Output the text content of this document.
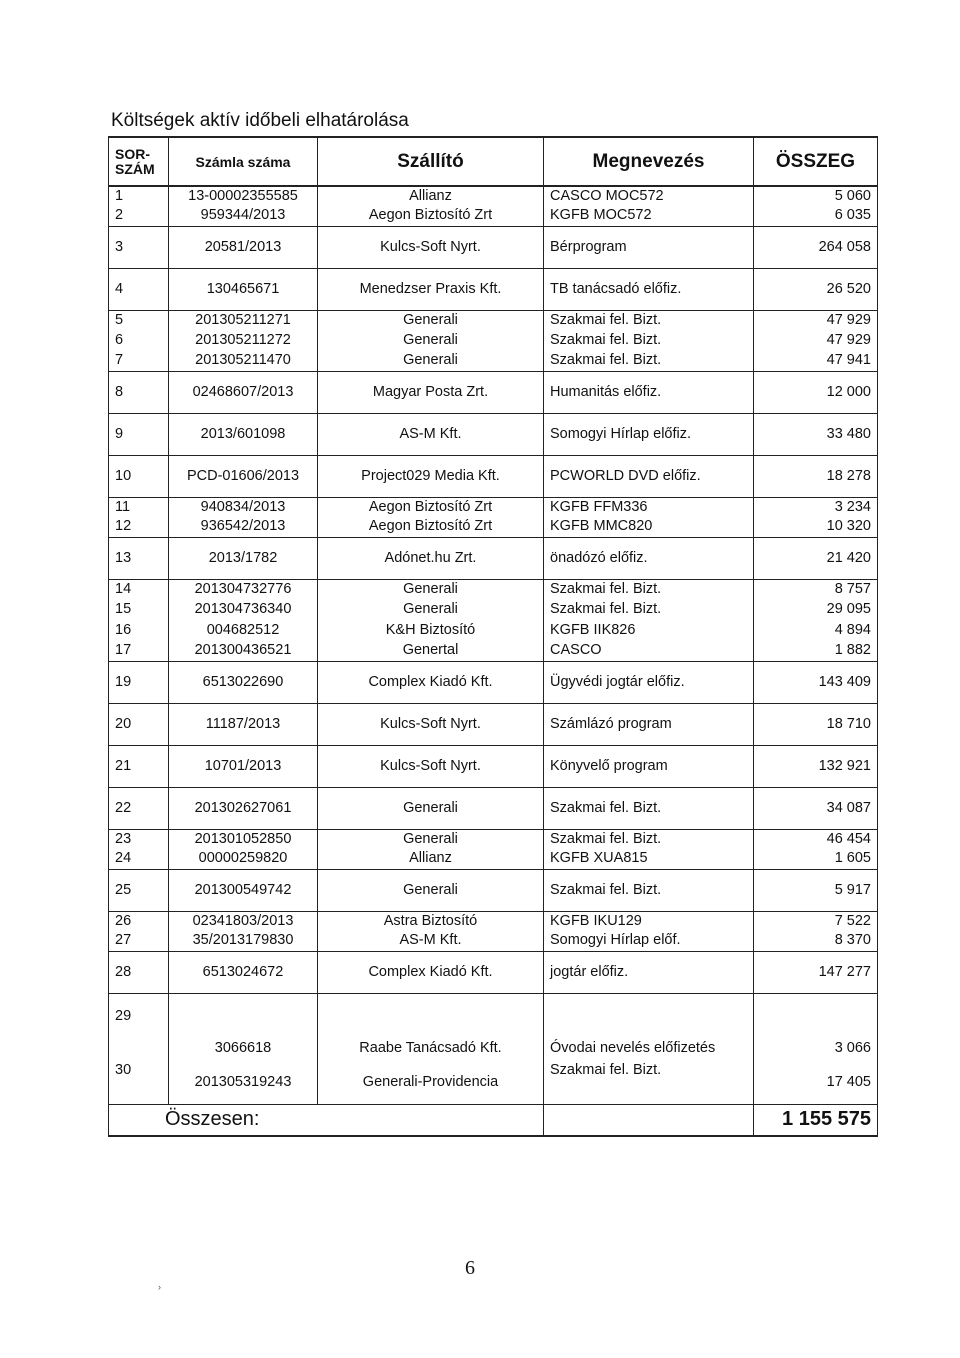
Költségek aktív időbeli elhatárolása
SOR-
SZÁM	Számla száma	Szállító	Megnevezés	ÖSSZEG
1	13-00002355585	Allianz	CASCO MOC572	5 060
2	959344/2013	Aegon Biztosító Zrt	KGFB MOC572	6 035
3	20581/2013	Kulcs-Soft Nyrt.	Bérprogram	264 058
4	130465671	Menedzser Praxis Kft.	TB tanácsadó előfiz.	26 520
5	201305211271	Generali	Szakmai fel. Bizt.	47 929
6	201305211272	Generali	Szakmai fel. Bizt.	47 929
7	201305211470	Generali	Szakmai fel. Bizt.	47 941
8	02468607/2013	Magyar Posta Zrt.	Humanitás előfiz.	12 000
9	2013/601098	AS-M Kft.	Somogyi Hírlap előfiz.	33 480
10	PCD-01606/2013	Project029 Media Kft.	PCWORLD DVD előfiz.	18 278
11	940834/2013	Aegon Biztosító Zrt	KGFB FFM336	3 234
12	936542/2013	Aegon Biztosító Zrt	KGFB MMC820	10 320
13	2013/1782	Adónet.hu Zrt.	önadózó előfiz.	21 420
14	201304732776	Generali	Szakmai fel. Bizt.	8 757
15	201304736340	Generali	Szakmai fel. Bizt.	29 095
16	004682512	K&H Biztosító	KGFB IIK826	4 894
17	201300436521	Genertal	CASCO	1 882
19	6513022690	Complex Kiadó Kft.	Ügyvédi jogtár előfiz.	143 409
20	11187/2013	Kulcs-Soft Nyrt.	Számlázó program	18 710
21	10701/2013	Kulcs-Soft Nyrt.	Könyvelő program	132 921
22	201302627061	Generali	Szakmai fel. Bizt.	34 087
23	201301052850	Generali	Szakmai fel. Bizt.	46 454
24	00000259820	Allianz	KGFB XUA815	1 605
25	201300549742	Generali	Szakmai fel. Bizt.	5 917
26	02341803/2013	Astra Biztosító	KGFB IKU129	7 522
27	35/2013179830	AS-M Kft.	Somogyi Hírlap előf.	8 370
28	6513024672	Complex Kiadó Kft.	jogtár előfiz.	147 277
29	3066618	Raabe Tanácsadó Kft.	Óvodai nevelés előfizetés	3 066
30	201305319243	Generali-Providencia	Szakmai fel. Bizt.	17 405
Összesen:				1 155 575
6
›
